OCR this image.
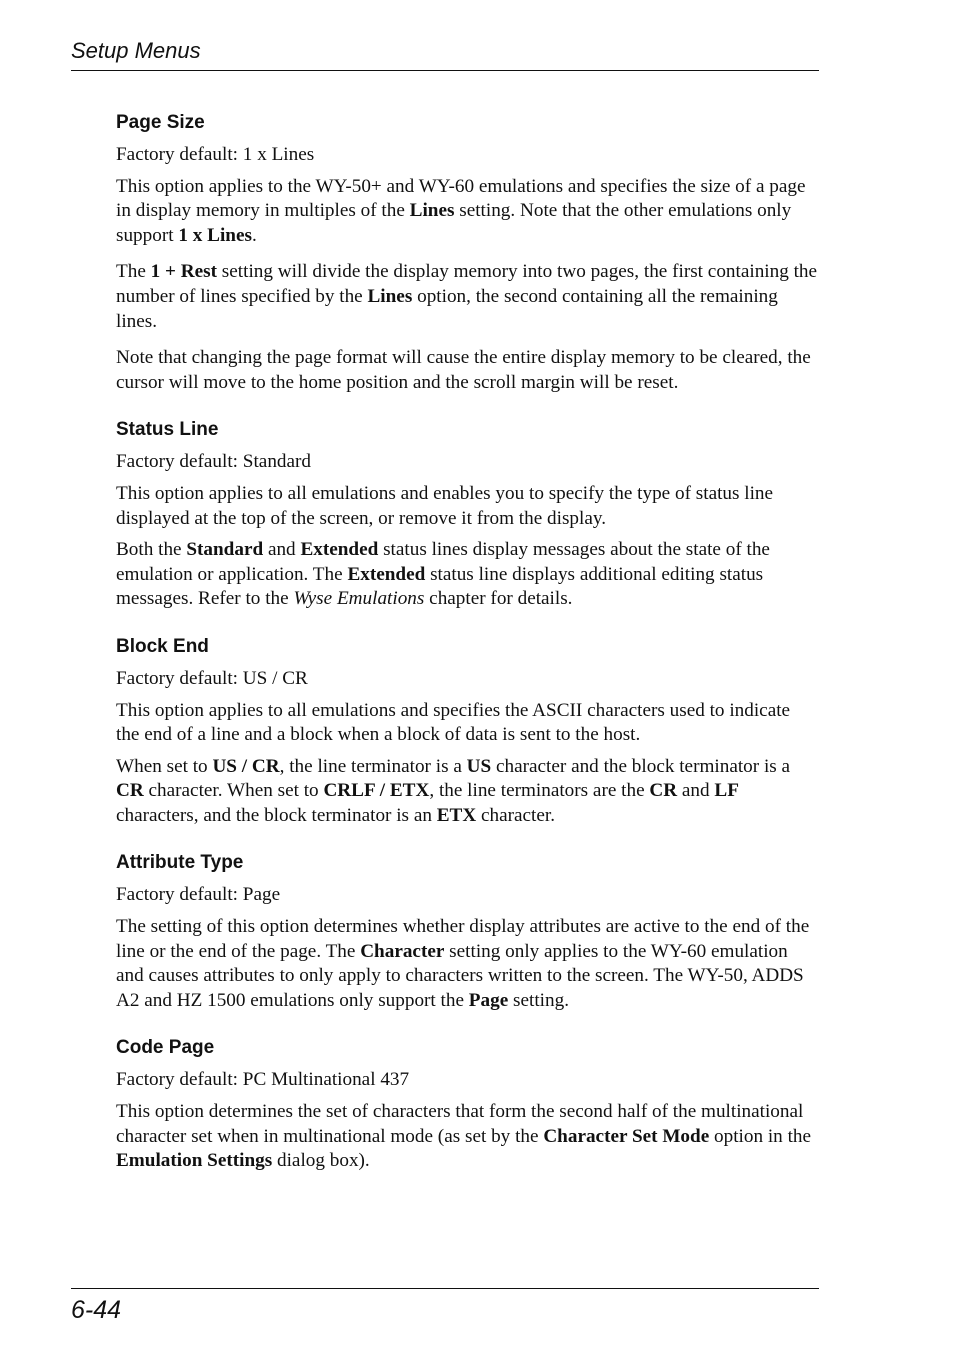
Setup Menus
Page Size

Factory default: 1 x Lines

This option applies to the WY-50+ and WY-60 emulations and specifies the size of a page in display memory in multiples of the Lines setting. Note that the other emulations only support 1 x Lines.

The 1 + Rest setting will divide the display memory into two pages, the first containing the number of lines specified by the Lines option, the second containing all the remaining lines.

Note that changing the page format will cause the entire display memory to be cleared, the cursor will move to the home position and the scroll margin will be reset.

Status Line

Factory default: Standard

This option applies to all emulations and enables you to specify the type of status line displayed at the top of the screen, or remove it from the display.

Both the Standard and Extended status lines display messages about the state of the emulation or application. The Extended status line displays additional editing status messages. Refer to the Wyse Emulations chapter for details.

Block End

Factory default: US / CR

This option applies to all emulations and specifies the ASCII characters used to indicate the end of a line and a block when a block of data is sent to the host.

When set to US / CR, the line terminator is a US character and the block terminator is a CR character. When set to CRLF / ETX, the line terminators are the CR and LF characters, and the block terminator is an ETX character.

Attribute Type

Factory default: Page

The setting of this option determines whether display attributes are active to the end of the line or the end of the page. The Character setting only applies to the WY-60 emulation and causes attributes to only apply to characters written to the screen. The WY-50, ADDS A2 and HZ 1500 emulations only support the Page setting.

Code Page

Factory default: PC Multinational 437

This option determines the set of characters that form the second half of the multinational character set when in multinational mode (as set by the Character Set Mode option in the Emulation Settings dialog box).

6-44
